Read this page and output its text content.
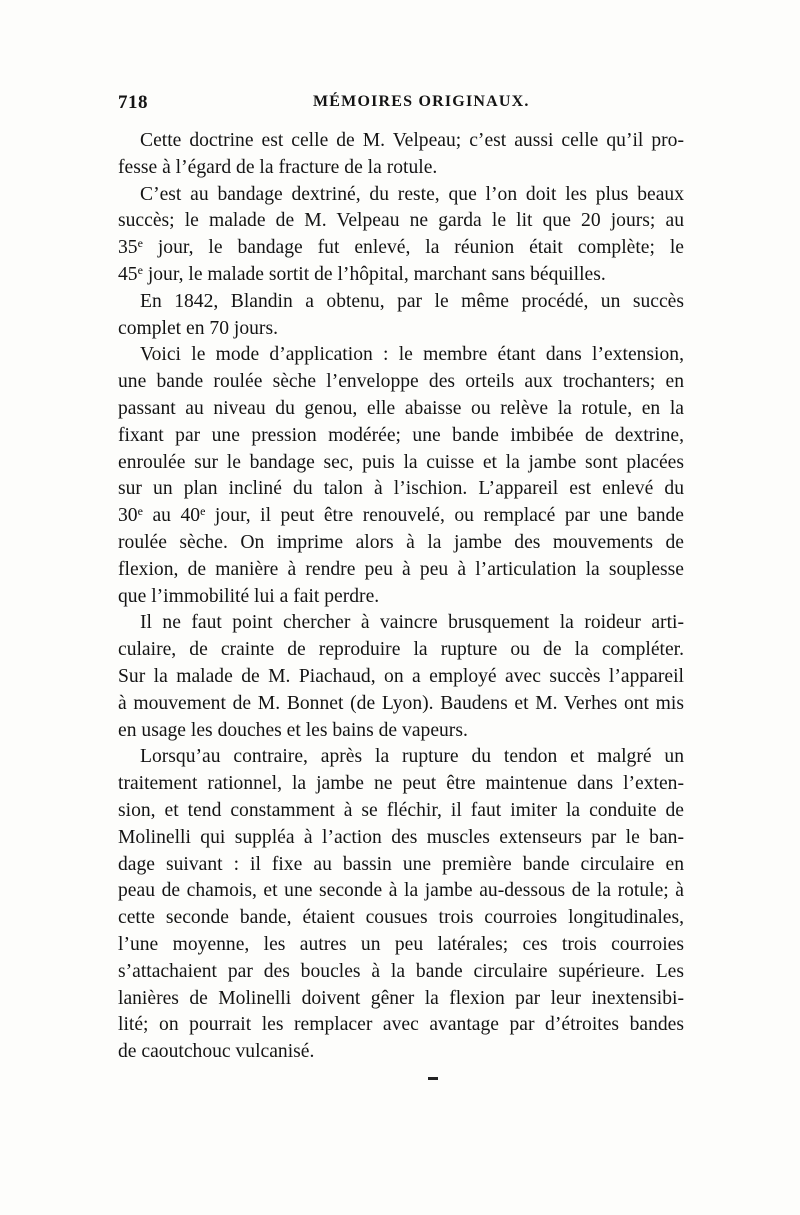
718	MÉMOIRES ORIGINAUX.
Cette doctrine est celle de M. Velpeau; c’est aussi celle qu’il pro-
fesse à l’égard de la fracture de la rotule.
C’est au bandage dextriné, du reste, que l’on doit les plus beaux
succès; le malade de M. Velpeau ne garda le lit que 20 jours; au
35e jour, le bandage fut enlevé, la réunion était complète; le
45e jour, le malade sortit de l’hôpital, marchant sans béquilles.
En 1842, Blandin a obtenu, par le même procédé, un succès
complet en 70 jours.
Voici le mode d’application : le membre étant dans l’extension,
une bande roulée sèche l’enveloppe des orteils aux trochanters; en
passant au niveau du genou, elle abaisse ou relève la rotule, en la
fixant par une pression modérée; une bande imbibée de dextrine,
enroulée sur le bandage sec, puis la cuisse et la jambe sont placées
sur un plan incliné du talon à l’ischion. L’appareil est enlevé du
30e au 40e jour, il peut être renouvelé, ou remplacé par une bande
roulée sèche. On imprime alors à la jambe des mouvements de
flexion, de manière à rendre peu à peu à l’articulation la souplesse
que l’immobilité lui a fait perdre.
Il ne faut point chercher à vaincre brusquement la roideur arti-
culaire, de crainte de reproduire la rupture ou de la compléter.
Sur la malade de M. Piachaud, on a employé avec succès l’appareil
à mouvement de M. Bonnet (de Lyon). Baudens et M. Verhes ont mis
en usage les douches et les bains de vapeurs.
Lorsqu’au contraire, après la rupture du tendon et malgré un
traitement rationnel, la jambe ne peut être maintenue dans l’exten-
sion, et tend constamment à se fléchir, il faut imiter la conduite de
Molinelli qui suppléa à l’action des muscles extenseurs par le ban-
dage suivant : il fixe au bassin une première bande circulaire en
peau de chamois, et une seconde à la jambe au-dessous de la rotule; à
cette seconde bande, étaient cousues trois courroies longitudinales,
l’une moyenne, les autres un peu latérales; ces trois courroies
s’attachaient par des boucles à la bande circulaire supérieure. Les
lanières de Molinelli doivent gêner la flexion par leur inextensibi-
lité; on pourrait les remplacer avec avantage par d’étroites bandes
de caoutchouc vulcanisé.
